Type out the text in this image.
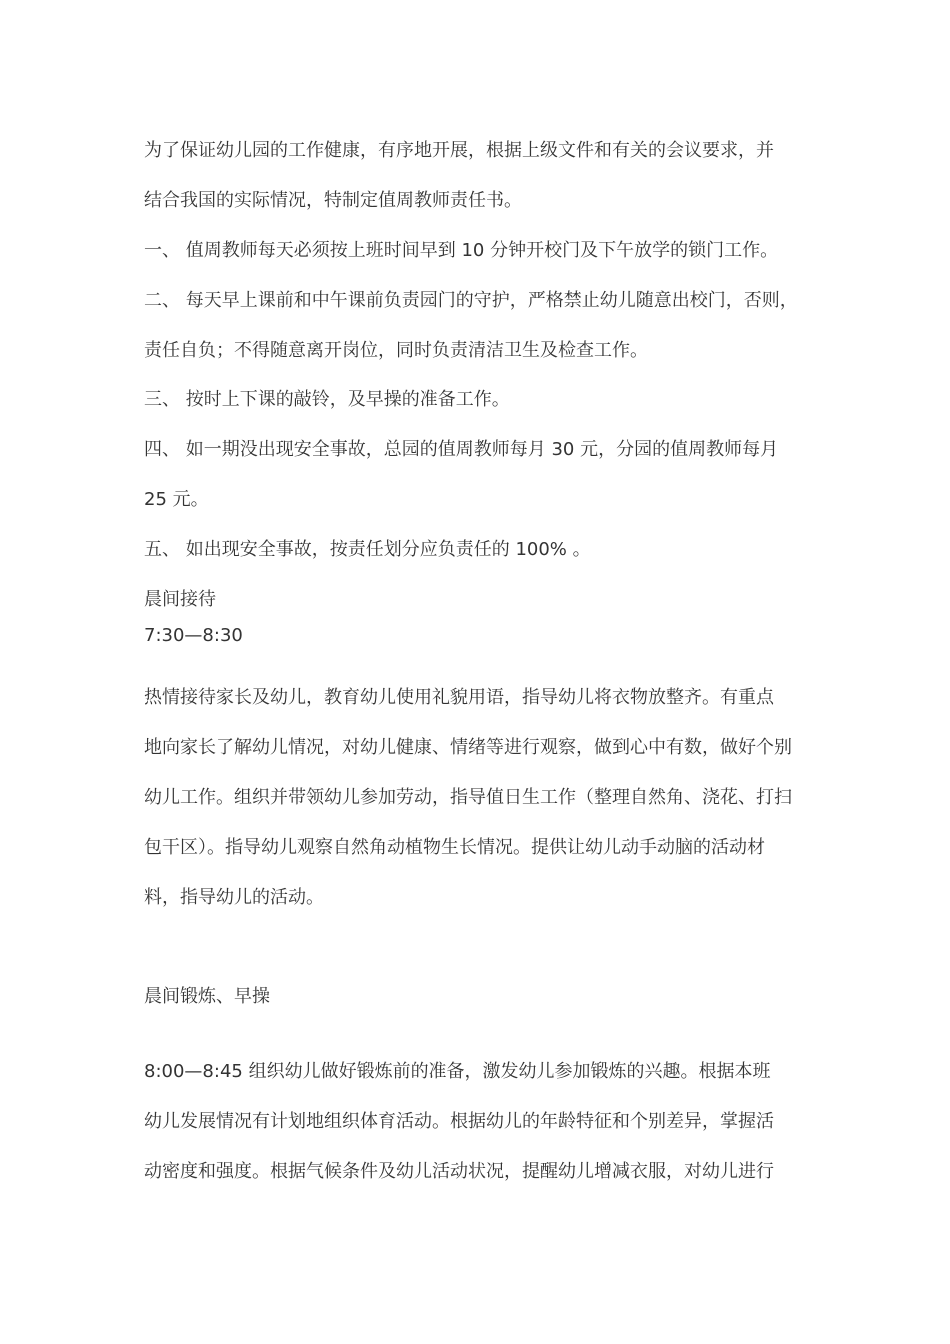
为了保证幼儿园的工作健康，有序地开展，根据上级文件和有关的会议要求，并

结合我国的实际情况，特制定值周教师责任书。

一、 值周教师每天必须按上班时间早到 10 分钟开校门及下午放学的锁门工作。

二、 每天早上课前和中午课前负责园门的守护，严格禁止幼儿随意出校门，否则，

责任自负；不得随意离开岗位，同时负责清洁卫生及检查工作。

三、 按时上下课的敲铃，及早操的准备工作。

四、 如一期没出现安全事故，总园的值周教师每月 30 元，分园的值周教师每月

25 元。

五、 如出现安全事故，按责任划分应负责任的 100% 。

晨间接待

7:30—8:30

热情接待家长及幼儿，教育幼儿使用礼貌用语，指导幼儿将衣物放整齐。有重点

地向家长了解幼儿情况，对幼儿健康、情绪等进行观察，做到心中有数，做好个别

幼儿工作。组织并带领幼儿参加劳动，指导值日生工作（整理自然角、浇花、打扫

包干区）。指导幼儿观察自然角动植物生长情况。提供让幼儿动手动脑的活动材

料，指导幼儿的活动。

晨间锻炼、早操

8:00—8:45 组织幼儿做好锻炼前的准备，激发幼儿参加锻炼的兴趣。根据本班

幼儿发展情况有计划地组织体育活动。根据幼儿的年龄特征和个别差异，掌握活

动密度和强度。根据气候条件及幼儿活动状况，提醒幼儿增减衣服，对幼儿进行
